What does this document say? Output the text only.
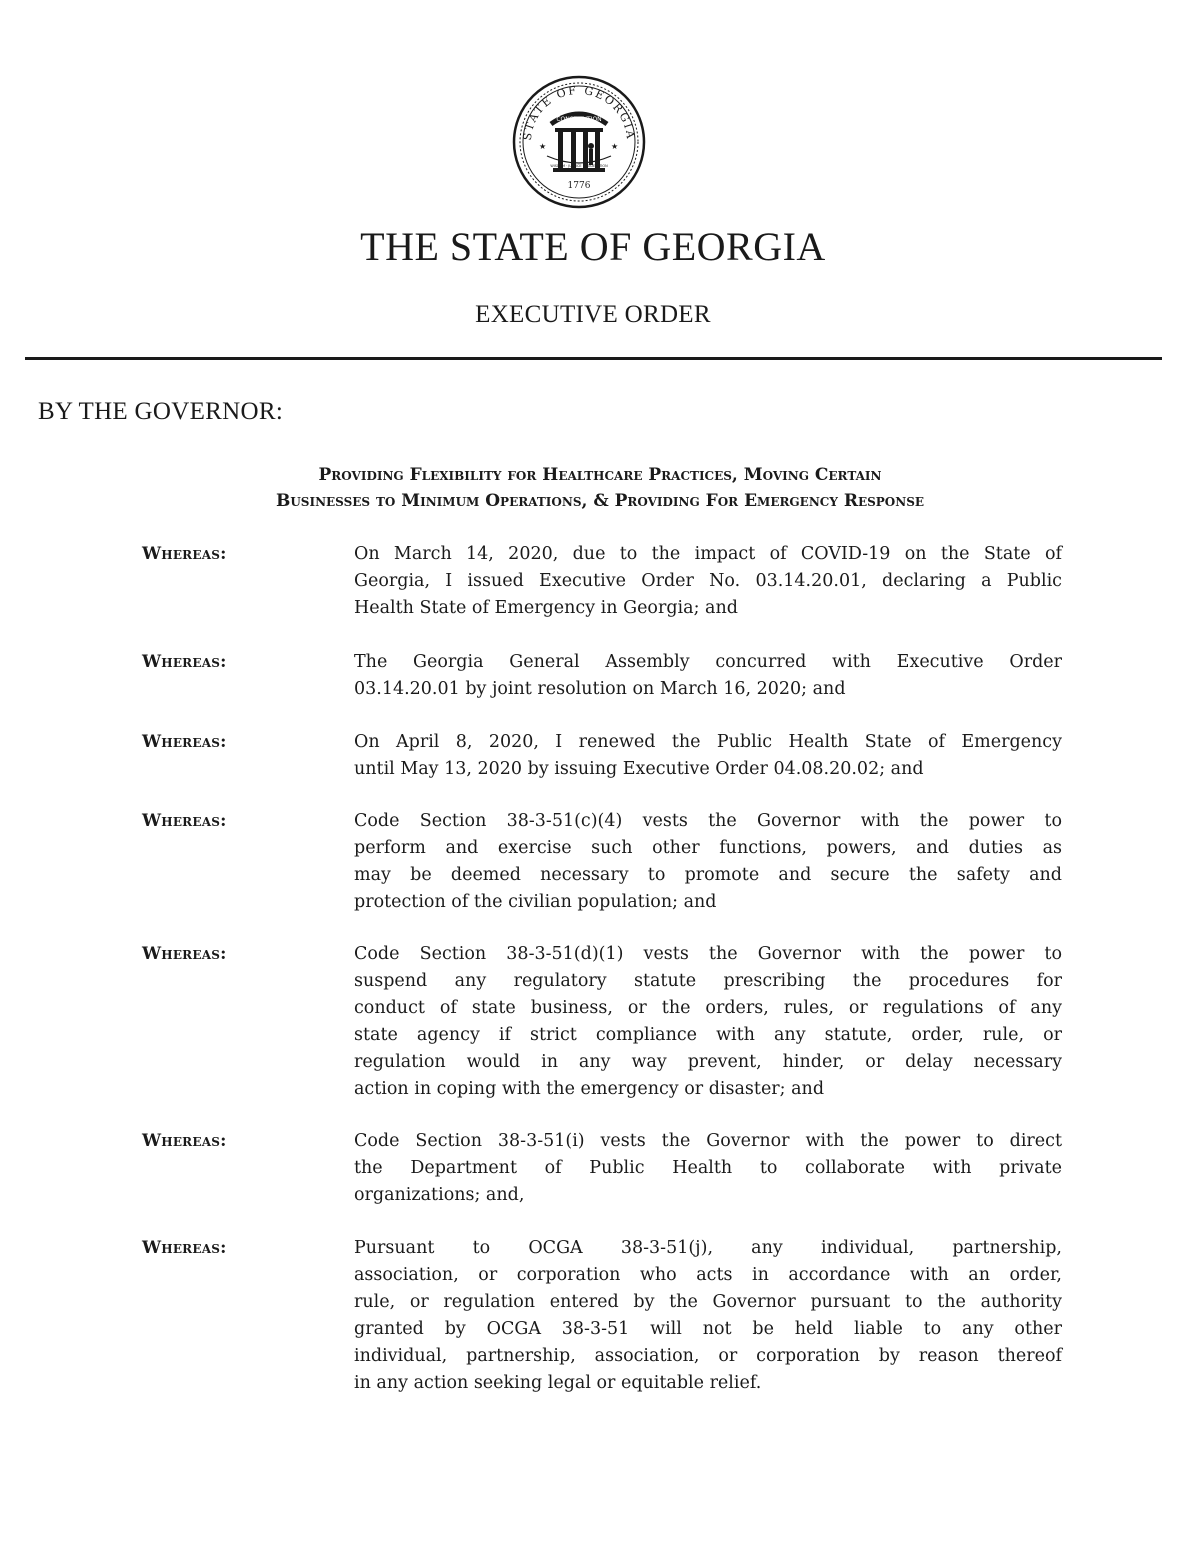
STATE OF GEORGIA
CONSTITUTION
WISDOM · JUSTICE · MODERATION
1776
★	★
THE STATE OF GEORGIA
EXECUTIVE ORDER
BY THE GOVERNOR:
Providing Flexibility for Healthcare Practices, Moving Certain
Businesses to Minimum Operations, & Providing For Emergency Response
Whereas:	On March 14, 2020, due to the impact of COVID-19 on the State of
Georgia, I issued Executive Order No. 03.14.20.01, declaring a Public
Health State of Emergency in Georgia; and
Whereas:	The Georgia General Assembly concurred with Executive Order
03.14.20.01 by joint resolution on March 16, 2020; and
Whereas:	On April 8, 2020, I renewed the Public Health State of Emergency
until May 13, 2020 by issuing Executive Order 04.08.20.02; and
Whereas:	Code Section 38-3-51(c)(4) vests the Governor with the power to
perform and exercise such other functions, powers, and duties as
may be deemed necessary to promote and secure the safety and
protection of the civilian population; and
Whereas:	Code Section 38-3-51(d)(1) vests the Governor with the power to
suspend any regulatory statute prescribing the procedures for
conduct of state business, or the orders, rules, or regulations of any
state agency if strict compliance with any statute, order, rule, or
regulation would in any way prevent, hinder, or delay necessary
action in coping with the emergency or disaster; and
Whereas:	Code Section 38-3-51(i) vests the Governor with the power to direct
the Department of Public Health to collaborate with private
organizations; and,
Whereas:	Pursuant to OCGA 38-3-51(j), any individual, partnership,
association, or corporation who acts in accordance with an order,
rule, or regulation entered by the Governor pursuant to the authority
granted by OCGA 38-3-51 will not be held liable to any other
individual, partnership, association, or corporation by reason thereof
in any action seeking legal or equitable relief.
